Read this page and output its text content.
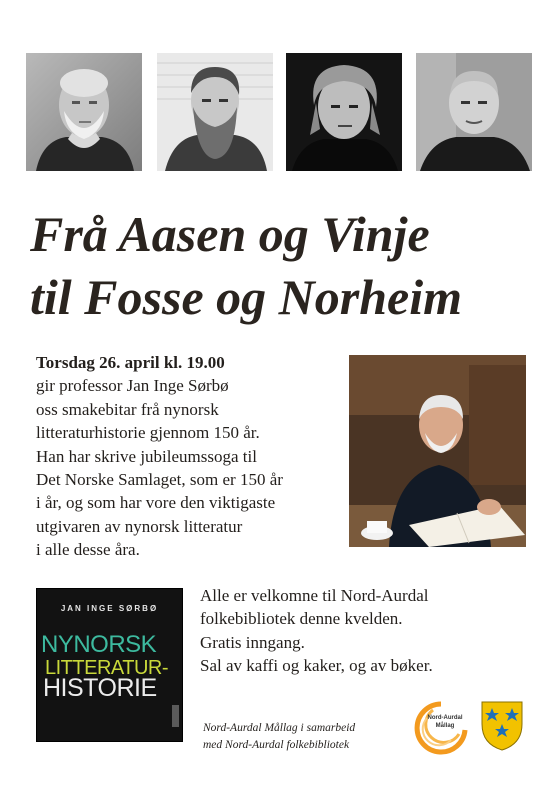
Frå Aasen og Vinje
til Fosse og Norheim

Torsdag 26. april kl. 19.00
gir professor Jan Inge Sørbø
oss smakebitar frå nynorsk
litteraturhistorie gjennom 150 år.
Han har skrive jubileumssoga til
Det Norske Samlaget, som er 150 år
i år, og som har vore den viktigaste
utgivaren av nynorsk litteratur
i alle desse åra.

JAN INGE SØRBØ
NYNORSK
LITTERATUR-
HISTORIE

Alle er velkomne til Nord-Aurdal
folkebibliotek denne kvelden.
Gratis inngang.
Sal av kaffi og kaker, og av bøker.

Nord-Aurdal Mållag i samarbeid
med Nord-Aurdal folkebibliotek
Nord-Aurdal
Mållag
